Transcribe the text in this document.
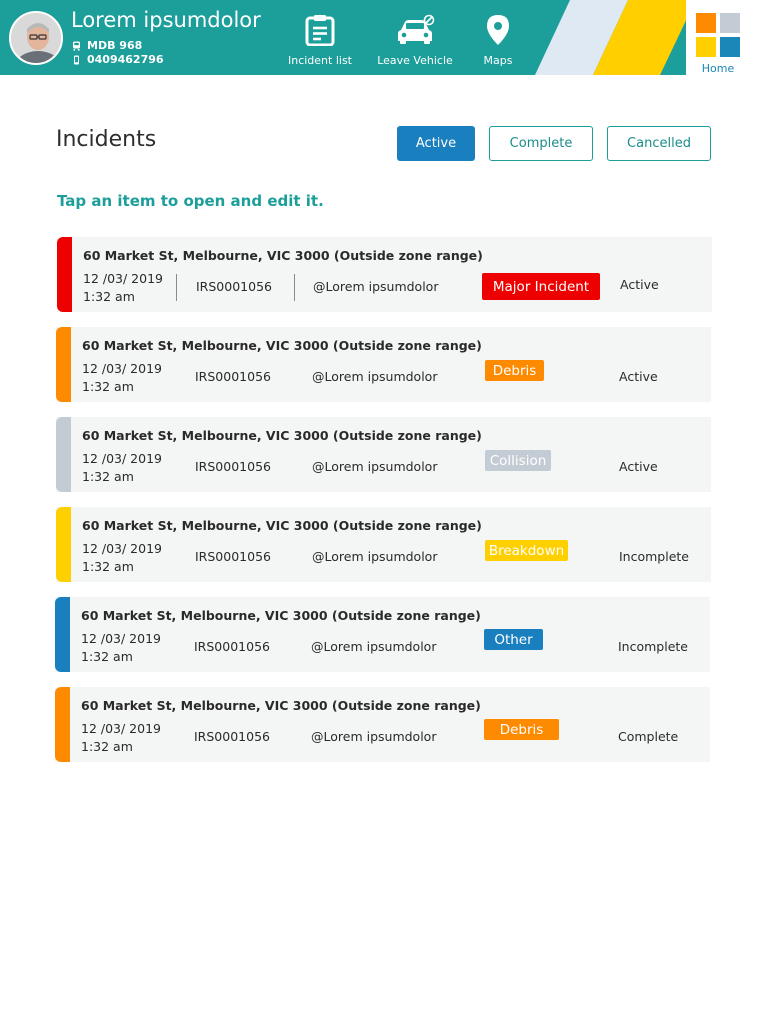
Lorem ipsumdolor
MDB 968
0409462796	Incident list Leave Vehicle	Maps
Home
Incidents	Active	Complete	Cancelled
Tap an item to open and edit it.
60 Market St, Melbourne, VIC 3000 (Outside zone range)
12 /03/ 2019
1:32 am
IRS0001056	@Lorem ipsumdolor	Major Incident	Active
60 Market St, Melbourne, VIC 3000 (Outside zone range)
12 /03/ 2019
1:32 am
IRS0001056	@Lorem ipsumdolor	Debris	Active
60 Market St, Melbourne, VIC 3000 (Outside zone range)
12 /03/ 2019
1:32 am
IRS0001056	@Lorem ipsumdolor	Collision	Active
60 Market St, Melbourne, VIC 3000 (Outside zone range)
12 /03/ 2019
1:32 am
IRS0001056	@Lorem ipsumdolor	Breakdown	Incomplete
60 Market St, Melbourne, VIC 3000 (Outside zone range)
12 /03/ 2019
1:32 am
IRS0001056	@Lorem ipsumdolor	Other	Incomplete
60 Market St, Melbourne, VIC 3000 (Outside zone range)
12 /03/ 2019
1:32 am
IRS0001056	@Lorem ipsumdolor	Debris	Complete
